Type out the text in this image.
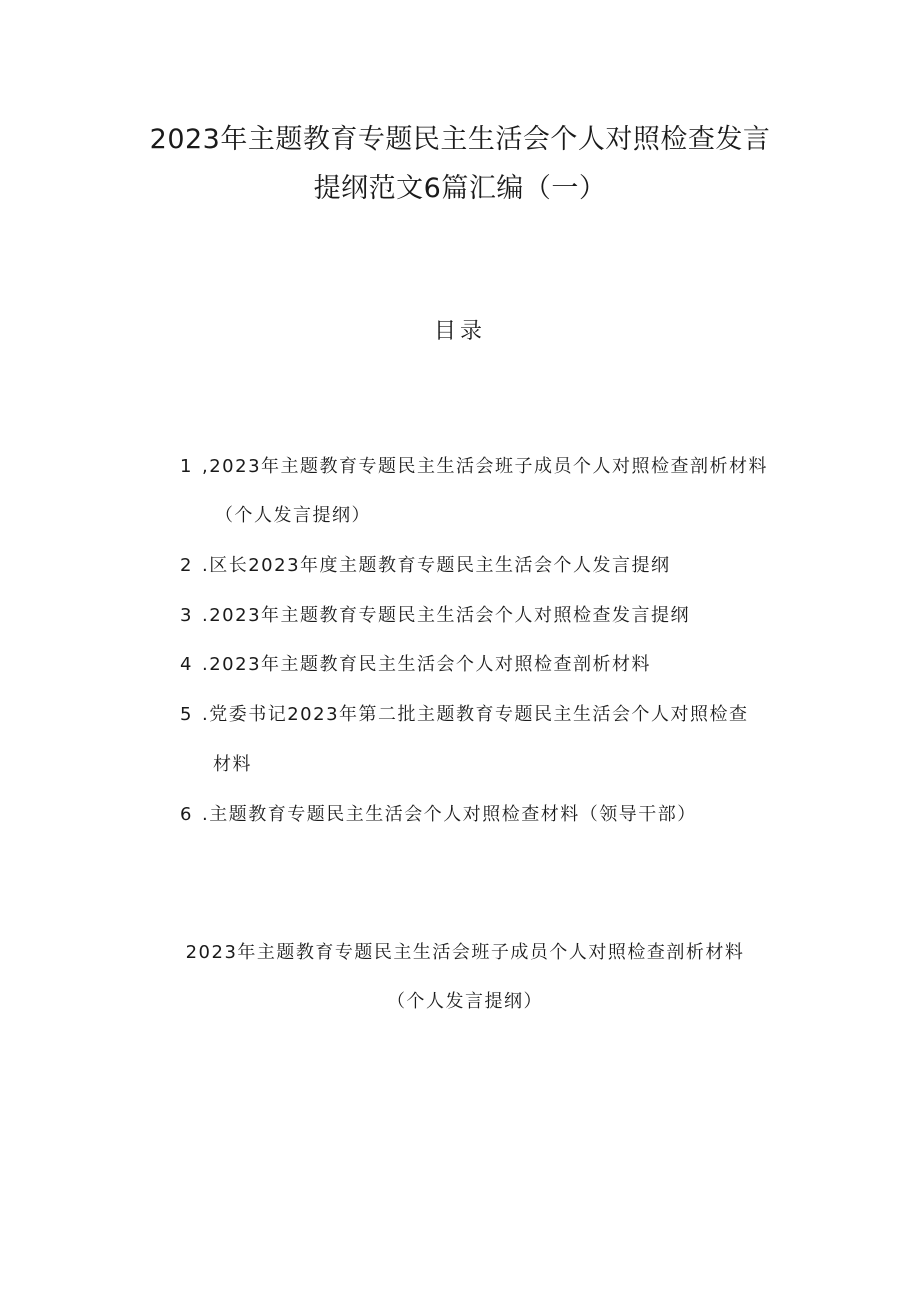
2023年主题教育专题民主生活会个人对照检查发言
提纲范文6篇汇编（一）
目录
1 ,2023年主题教育专题民主生活会班子成员个人对照检查剖析材料
（个人发言提纲）
2 .区长2023年度主题教育专题民主生活会个人发言提纲
3 .2023年主题教育专题民主生活会个人对照检查发言提纲
4 .2023年主题教育民主生活会个人对照检查剖析材料
5 .党委书记2023年第二批主题教育专题民主生活会个人对照检查
材料
6 .主题教育专题民主生活会个人对照检查材料（领导干部）
2023年主题教育专题民主生活会班子成员个人对照检查剖析材料
（个人发言提纲）
